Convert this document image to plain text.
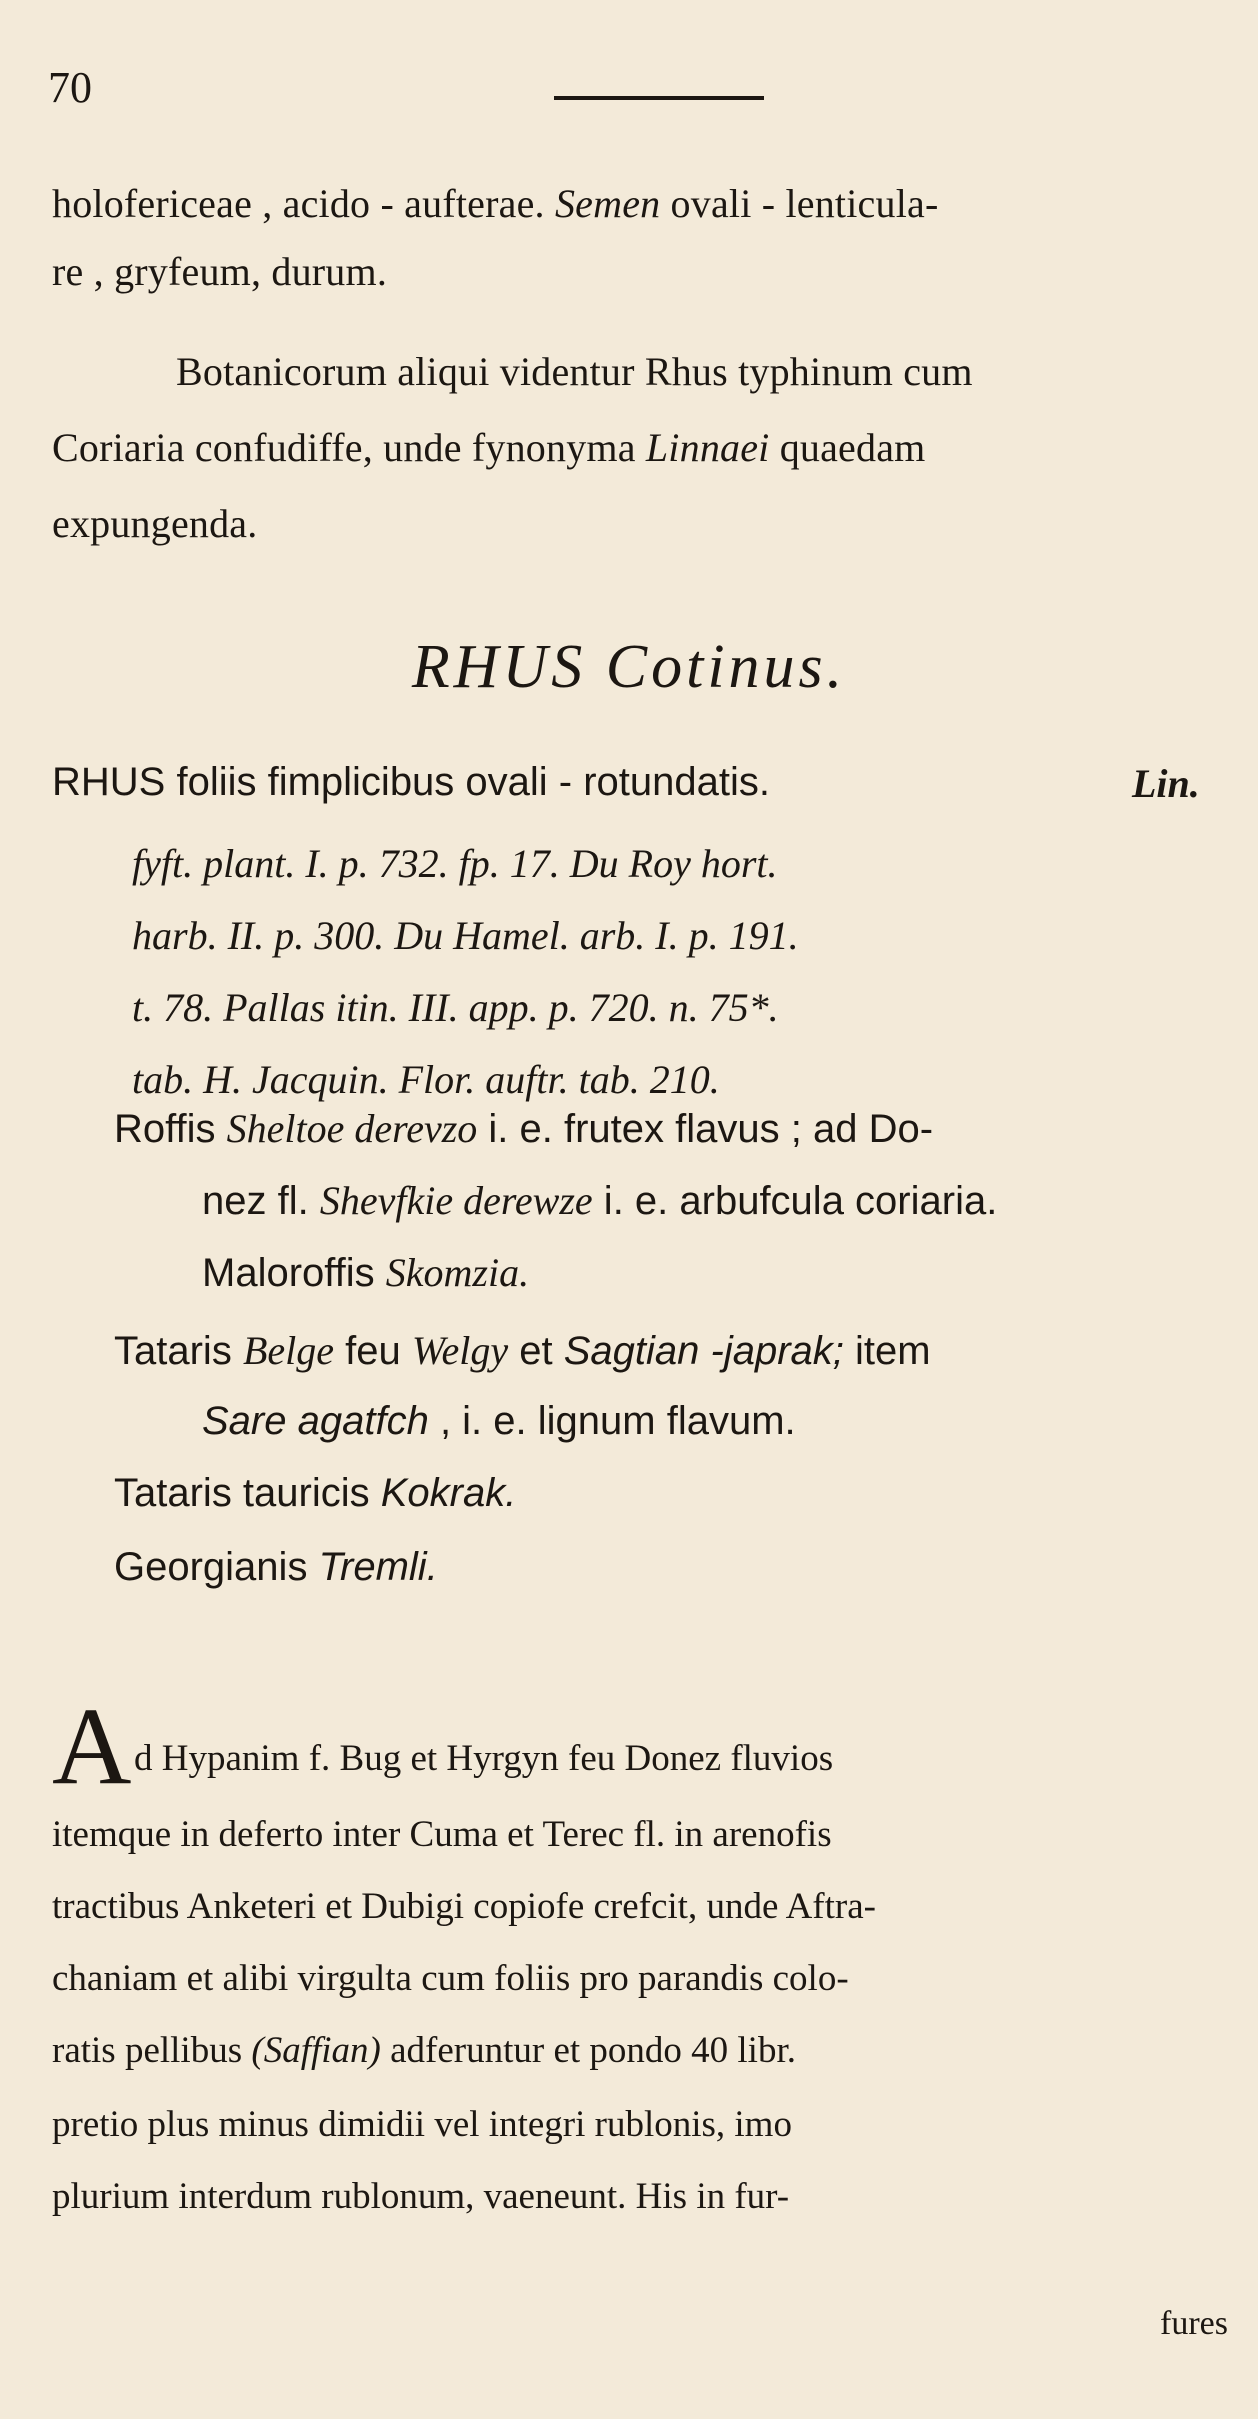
70
holofericeae , acido - aufterae. Semen ovali - lenticula-
re , gryfeum, durum.
Botanicorum aliqui videntur Rhus typhinum cum
Coriaria confudiffe, unde fynonyma Linnaei quaedam
expungenda.
RHUS Cotinus.
RHUS foliis fimplicibus ovali - rotundatis.	Lin.
fyft. plant. I. p. 732. fp. 17. Du Roy hort.
harb. II. p. 300. Du Hamel. arb. I. p. 191.
t. 78. Pallas itin. III. app. p. 720. n. 75*.
tab. H. Jacquin. Flor. auftr. tab. 210.
Roffis Sheltoe derevzo i. e. frutex flavus ; ad Do-
nez fl. Shevfkie derewze i. e. arbufcula coriaria.
Maloroffis Skomzia.
Tataris Belge feu Welgy et Sagtian -japrak; item
Sare agatfch , i. e. lignum flavum.
Tataris tauricis Kokrak.
Georgianis Tremli.
A d Hypanim f. Bug et Hyrgyn feu Donez fluvios
itemque in deferto inter Cuma et Terec fl. in arenofis
tractibus Anketeri et Dubigi copiofe crefcit, unde Aftra-
chaniam et alibi virgulta cum foliis pro parandis colo-
ratis pellibus (Saffian) adferuntur et pondo 40 libr.
pretio plus minus dimidii vel integri rublonis, imo
plurium interdum rublonum, vaeneunt. His in fur-
fures
